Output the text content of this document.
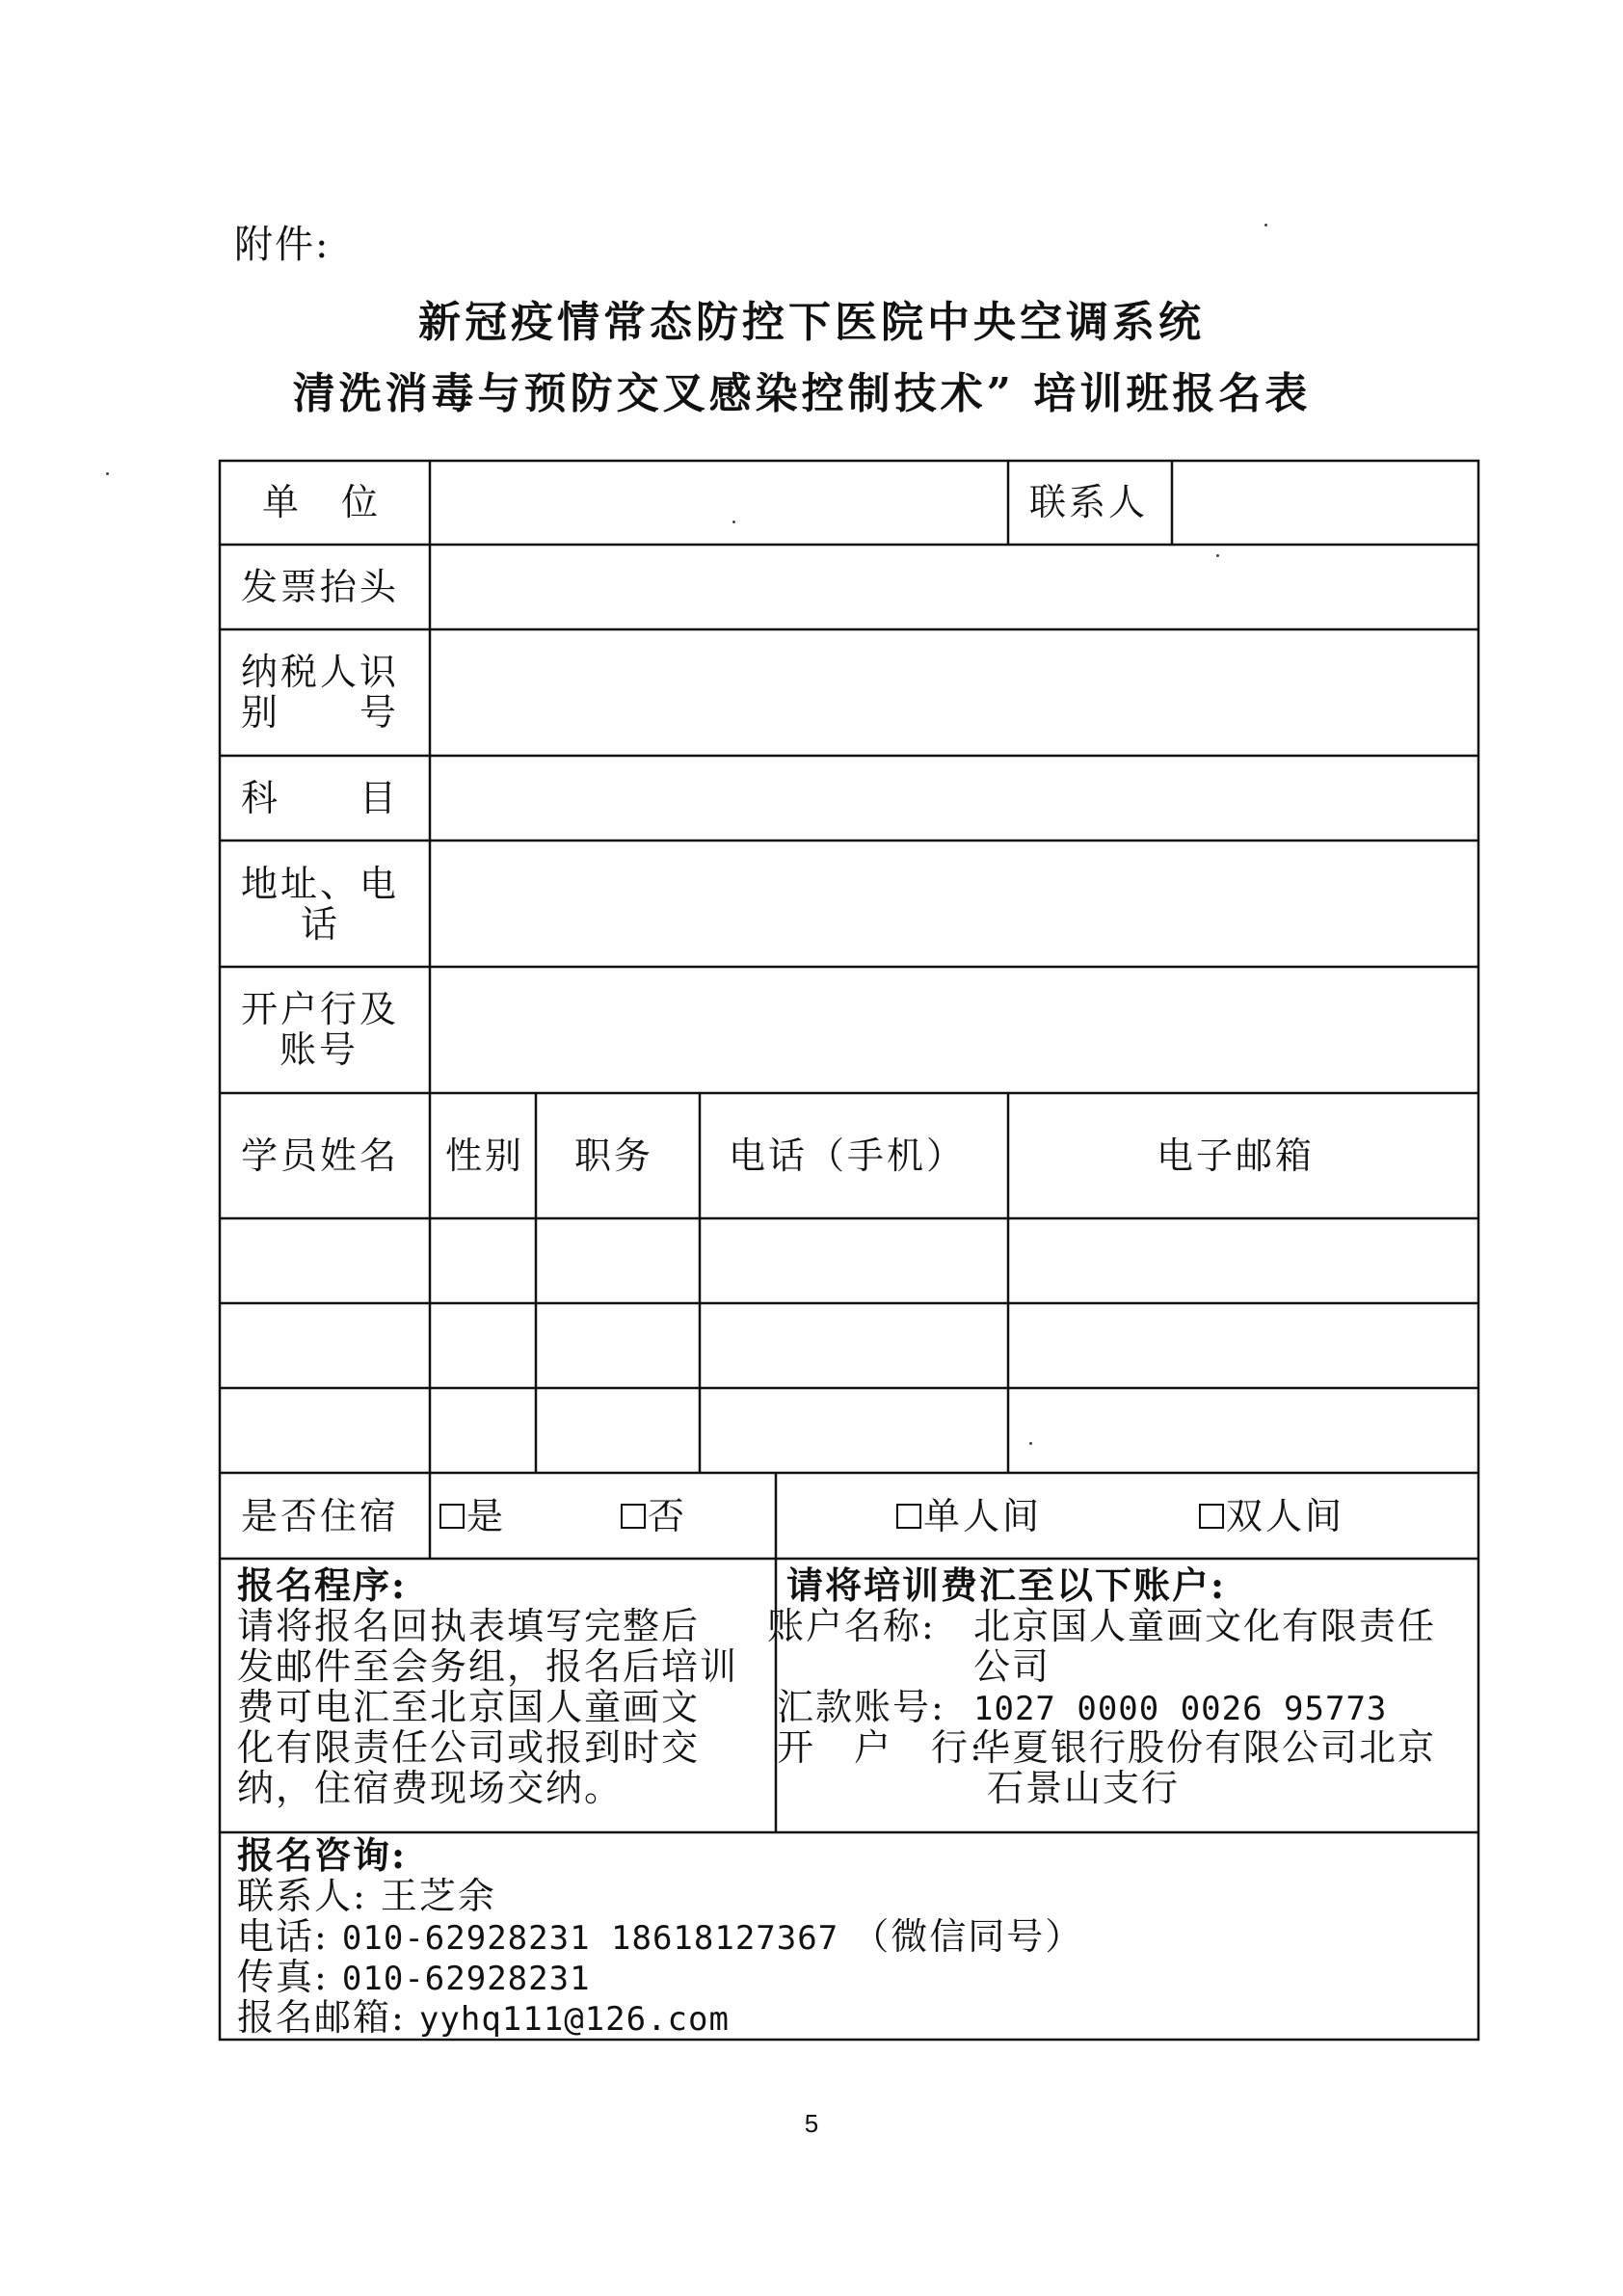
附件:
新冠疫情常态防控下医院中央空调系统
清洗消毒与预防交叉感染控制技术” 培训班报名表
单　位	联系人
发票抬头
纳税人识
别　　号
科　　目
地址、电
话
开户行及
账号
学员姓名 性别 职务 电话（手机）	电子邮箱
是否住宿	是	否	单人间	双人间
报名程序:
请将报名回执表填写完整后
发邮件至会务组，报名后培训
费可电汇至北京国人童画文
化有限责任公司或报到时交
纳，住宿费现场交纳。
请将培训费汇至以下账户:
账户名称: 北京国人童画文化有限责任
公司
汇款账号: 1027 0000 0026 95773
开　户　行:
华夏银行股份有限公司北京
石景山支行
报名咨询:
联系人: 王芝余
电话: 010-62928231 18618127367 （微信同号）
传真: 010-62928231
报名邮箱: yyhq111@126.com
5
